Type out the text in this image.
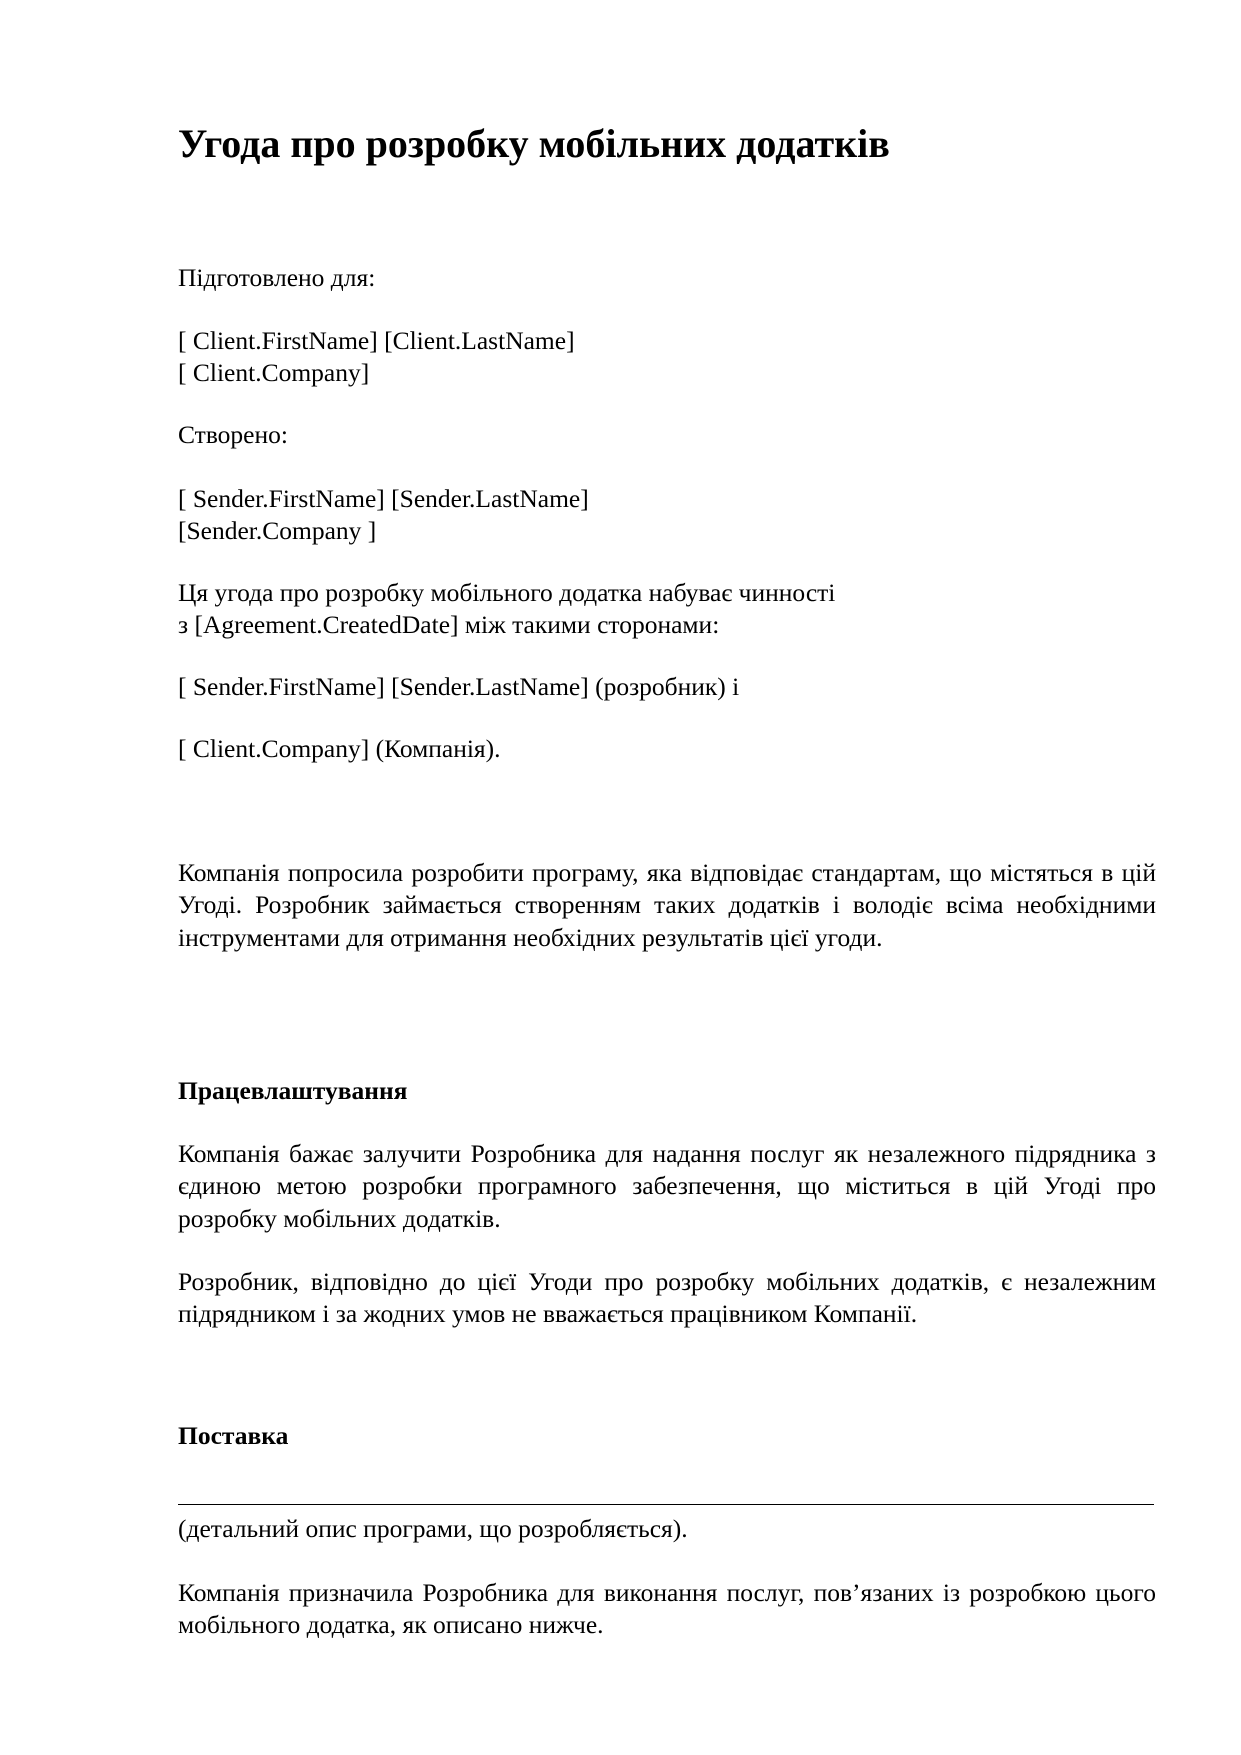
Угода про розробку мобільних додатків
Підготовлено для:
[ Client.FirstName] [Client.LastName]
[ Client.Company]
Створено:
[ Sender.FirstName] [Sender.LastName]
[Sender.Company ]
Ця угода про розробку мобільного додатка набуває чинності
з [Agreement.CreatedDate] між такими сторонами:
[ Sender.FirstName] [Sender.LastName] (розробник) і
[ Client.Company] (Компанія).
Компанія попросила розробити програму, яка відповідає стандартам, що містяться в цій Угоді. Розробник займається створенням таких додатків і володіє всіма необхідними інструментами для отримання необхідних результатів цієї угоди.
Працевлаштування
Компанія бажає залучити Розробника для надання послуг як незалежного підрядника з єдиною метою розробки програмного забезпечення, що міститься в цій Угоді про розробку мобільних додатків.
Розробник, відповідно до цієї Угоди про розробку мобільних додатків, є незалежним підрядником і за жодних умов не вважається працівником Компанії.
Поставка
(детальний опис програми, що розробляється).
Компанія призначила Розробника для виконання послуг, пов’язаних із розробкою цього мобільного додатка, як описано нижче.
